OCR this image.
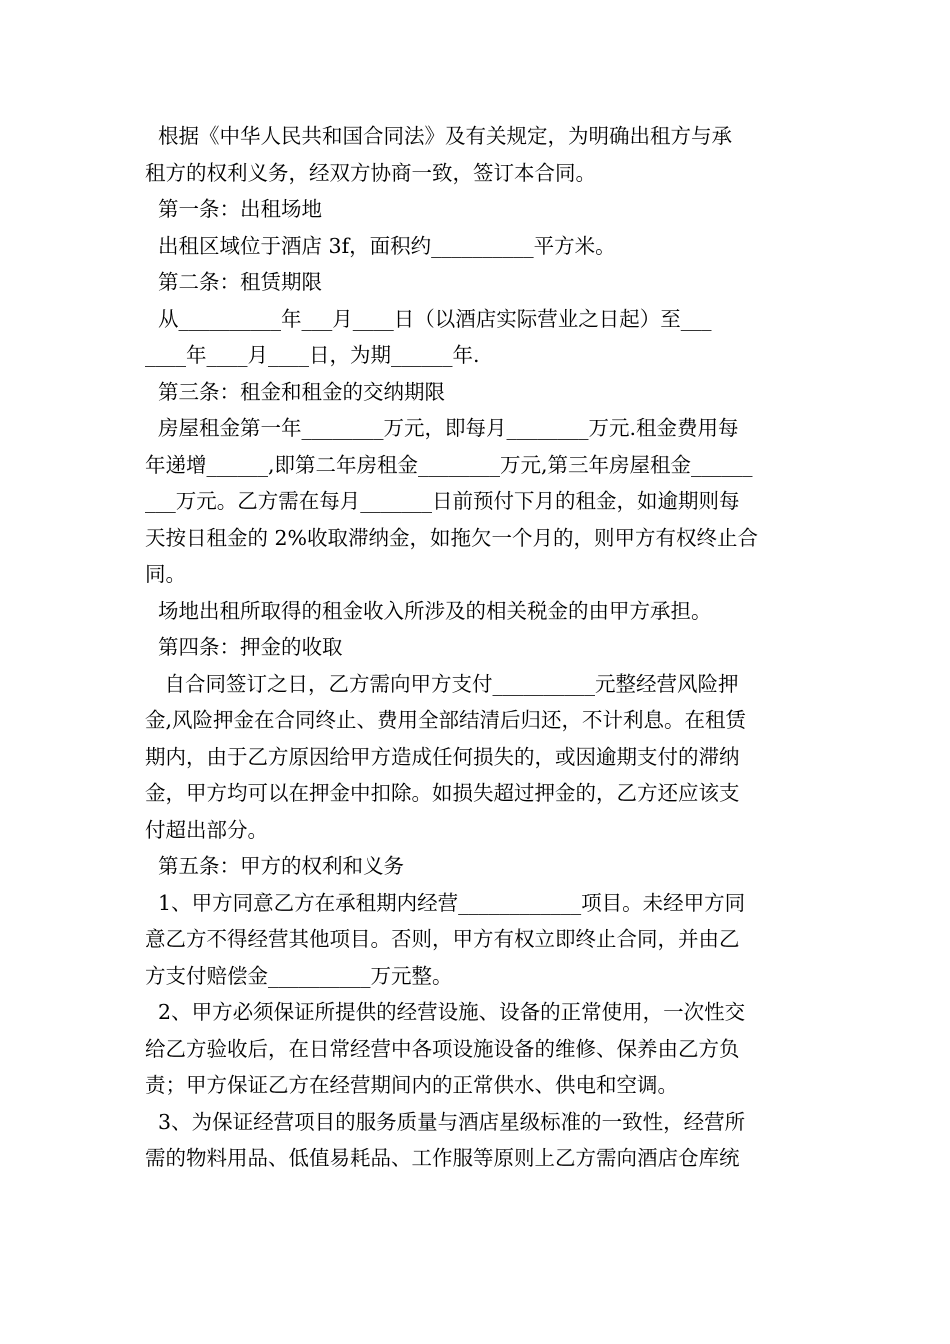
根据《中华人民共和国合同法》及有关规定，为明确出租方与承
租方的权利义务，经双方协商一致，签订本合同。
第一条：出租场地
出租区域位于酒店 3f，面积约__________平方米。
第二条：租赁期限
从__________年___月____日（以酒店实际营业之日起）至___
____年____月____日，为期______年.
第三条：租金和租金的交纳期限
房屋租金第一年________万元，即每月________万元.租金费用每
年递增______,即第二年房租金________万元,第三年房屋租金______
___万元。乙方需在每月_______日前预付下月的租金，如逾期则每
天按日租金的 2%收取滞纳金，如拖欠一个月的，则甲方有权终止合
同。
场地出租所取得的租金收入所涉及的相关税金的由甲方承担。
第四条：押金的收取
自合同签订之日，乙方需向甲方支付__________元整经营风险押
金,风险押金在合同终止、费用全部结清后归还，不计利息。在租赁
期内，由于乙方原因给甲方造成任何损失的，或因逾期支付的滞纳
金，甲方均可以在押金中扣除。如损失超过押金的，乙方还应该支
付超出部分。
第五条：甲方的权利和义务
1、甲方同意乙方在承租期内经营____________项目。未经甲方同
意乙方不得经营其他项目。否则，甲方有权立即终止合同，并由乙
方支付赔偿金__________万元整。
2、甲方必须保证所提供的经营设施、设备的正常使用，一次性交
给乙方验收后，在日常经营中各项设施设备的维修、保养由乙方负
责；甲方保证乙方在经营期间内的正常供水、供电和空调。
3、为保证经营项目的服务质量与酒店星级标准的一致性，经营所
需的物料用品、低值易耗品、工作服等原则上乙方需向酒店仓库统
